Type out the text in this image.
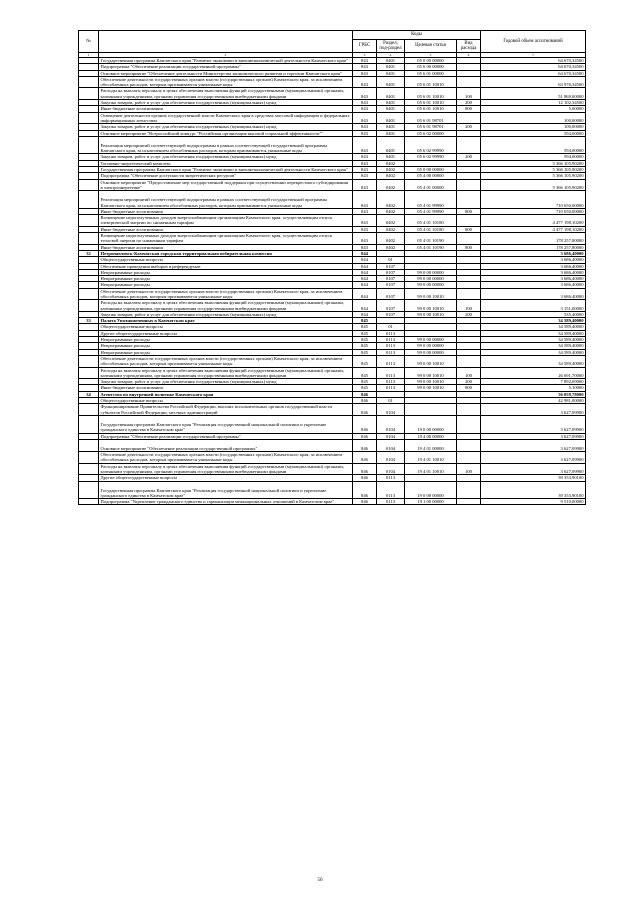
№		Коды				Годовой объем ассигнований
		ГРБС	Раздел, под-раздел	Целевая статья	Вид расхода	
1	2	3	4	5	6	7
	Государственная программа Камчатского края "Развитие экономики и внешнеэкономической деятельности Камчатского края"	843	0401	05 0 00 00000		64 670,34500
	Подпрограмма "Обеспечение реализации государственной программы"	843	0401	05 6 00 00000		64 670,34500
	Основное мероприятие "Обеспечение деятельности Министерства экономического развития и торговли Камчатского края"	843	0401	05 6 01 00000		64 670,34500
	Обеспечение деятельности государственных органов власти (государственных органов) Камчатского края, за исключением обособленных расходов, которым присваиваются уникальные коды	843	0401	05 6 01 10010		63 976,34500
	Расходы на выплаты персоналу в целях обеспечения выполнения функций государственными (муниципальными) органами, казенными учреждениями, органами управления государственными внебюджетными фондами	843	0401	05 6 01 10010	100	51 869,00000
	Закупка товаров, работ и услуг для обеспечения государственных (муниципальных) нужд	843	0401	05 6 01 10010	200	12 102,34500
	Иные бюджетные ассигнования	843	0401	05 6 01 10010	800	5,00000
	Освещение деятельности органов государственной власти Камчатского края в средствах массовой информации и федеральных информационных агентствах	843	0401	05 6 01 98701		100,00000
	Закупка товаров, работ и услуг для обеспечения государственных (муниципальных) нужд	843	0401	05 6 01 98701	200	100,00000
	Основное мероприятие "Всероссийский конкурс "Российская организация высокой социальной эффективности""	843	0401	05 6 02 00000		594,00000
	Реализация мероприятий соответствующей подпрограммы в рамках соответствующей государственной программы Камчатского края, за исключением обособленных расходов, которым присваиваются уникальные коды	843	0401	05 6 02 99990		594,00000
	Закупка товаров, работ и услуг для обеспечения государственных (муниципальных) нужд	843	0401	05 6 02 99990	200	594,00000
	Топливно-энергетический комплекс	843	0402			5 366 105,90200
	Государственная программа Камчатского края "Развитие экономики и внешнеэкономической деятельности Камчатского края"	843	0402	05 0 00 00000		5 366 105,90200
	Подпрограмма "Обеспечение доступности энергетических ресурсов"	843	0402	05 4 00 00000		5 366 105,90200
	Основное мероприятие "Предоставление мер государственной поддержки при осуществлении перекрестного субсидирования в электроэнергетике"	843	0402	05 4 01 00000		5 366 105,90200
	Реализация мероприятий соответствующей подпрограммы в рамках соответствующей государственной программы Камчатского края, за исключением обособленных расходов, которым присваиваются уникальные коды	843	0402	05 4 01 99990		710 650,00000
	Иные бюджетные ассигнования	843	0402	05 4 01 99990	800	710 650,00000
	Возмещение недополученных доходов энергоснабжающим организациям Камчатского края, осуществляющим отпуск электрической энергии по сниженным тарифам	843	0402	05 4 01 10180		4 477 198,10200
	Иные бюджетные ассигнования	843	0402	05 4 01 10180	800	4 477 198,10200
	Возмещение недополученных доходов энергоснабжающим организациям Камчатского края, осуществляющим отпуск тепловой энергии по сниженным тарифам	843	0402	05 4 01 10190		178 257,80000
	Иные бюджетные ассигнования	843	0402	05 4 01 10190	800	178 257,80000
32	Петропавловск-Камчатская городская территориальная избирательная комиссия	844				3 686,40000
	Общегосударственные вопросы	844	01			3 686,40000
	Обеспечение проведения выборов и референдумов	844	0107			3 686,40000
	Непрограммные расходы	844	0107	99 0 00 00000		3 686,40000
	Непрограммные расходы	844	0107	99 0 00 00000		3 686,40000
	Непрограммные расходы	844	0107	99 0 00 00000		3 686,40000
	Обеспечение деятельности государственных органов власти (государственных органов) Камчатского края, за исключением обособленных расходов, которым присваиваются уникальные коды	844	0107	99 0 00 10010		3 686,40000
	Расходы на выплаты персоналу в целях обеспечения выполнения функций государственными (муниципальными) органами, казенными учреждениями, органами управления государственными внебюджетными фондами	844	0107	99 0 00 10010	100	3 151,00000
	Закупка товаров, работ и услуг для обеспечения государственных (муниципальных) нужд	844	0107	99 0 00 10010	200	535,40000
33	Палата Уполномоченных в Камчатском крае	845				34 589,40000
	Общегосударственные вопросы	845	01			34 589,40000
	Другие общегосударственные вопросы	845	0113			34 589,40000
	Непрограммные расходы	845	0113	99 0 00 00000		34 589,40000
	Непрограммные расходы	845	0113	99 0 00 00000		34 589,40000
	Непрограммные расходы	845	0113	99 0 00 00000		34 589,40000
	Обеспечение деятельности государственных органов власти (государственных органов) Камчатского края, за исключением обособленных расходов, которым присваиваются уникальные коды	845	0113	99 0 00 10010		34 589,40000
	Расходы на выплаты персоналу в целях обеспечения выполнения функций государственными (муниципальными) органами, казенными учреждениями, органами управления государственными внебюджетными фондами	845	0113	99 0 00 10010	100	26 691,70000
	Закупка товаров, работ и услуг для обеспечения государственных (муниципальных) нужд	845	0113	99 0 00 10010	200	7 892,69000
	Иные бюджетные ассигнования	845	0113	99 0 00 10010	800	5,10000
34	Агентство по внутренней политике Камчатского края	846				56 059,78000
	Общегосударственные вопросы	846	01			42 981,00000
	Функционирование Правительства Российской Федерации, высших исполнительных органов государственной власти субъектов Российской Федерации, местных администраций	846	0104			3 627,09900
	Государственная программа Камчатского края "Реализация государственной национальной политики и укрепление гражданского единства в Камчатском крае"	846	0104	19 0 00 00000		3 627,09900
	Подпрограмма "Обеспечение реализации государственной программы"	846	0104	19 4 00 00000		3 627,09900
	Основное мероприятие "Обеспечение реализации государственной программы"	846	0104	19 4 01 00000		3 627,09900
	Обеспечение деятельности государственных органов власти (государственных органов) Камчатского края, за исключением обособленных расходов, которым присваиваются уникальные коды	846	0104	19 4 01 10010		3 627,09900
	Расходы на выплаты персоналу в целях обеспечения выполнения функций государственными (муниципальными) органами, казенными учреждениями, органами управления государственными внебюджетными фондами	846	0104	19 4 01 10010	100	3 627,09900
	Другие общегосударственные вопросы	846	0113			39 353,90100
	Государственная программа Камчатского края "Реализация государственной национальной политики и укрепление гражданского единства в Камчатском крае"	846	0113	19 0 00 00000		39 353,90100
	Подпрограмма "Укрепление гражданского единства и гармонизация межнациональных отношений в Камчатском крае"	846	0113	19 1 00 00000		9 510,00000
56
